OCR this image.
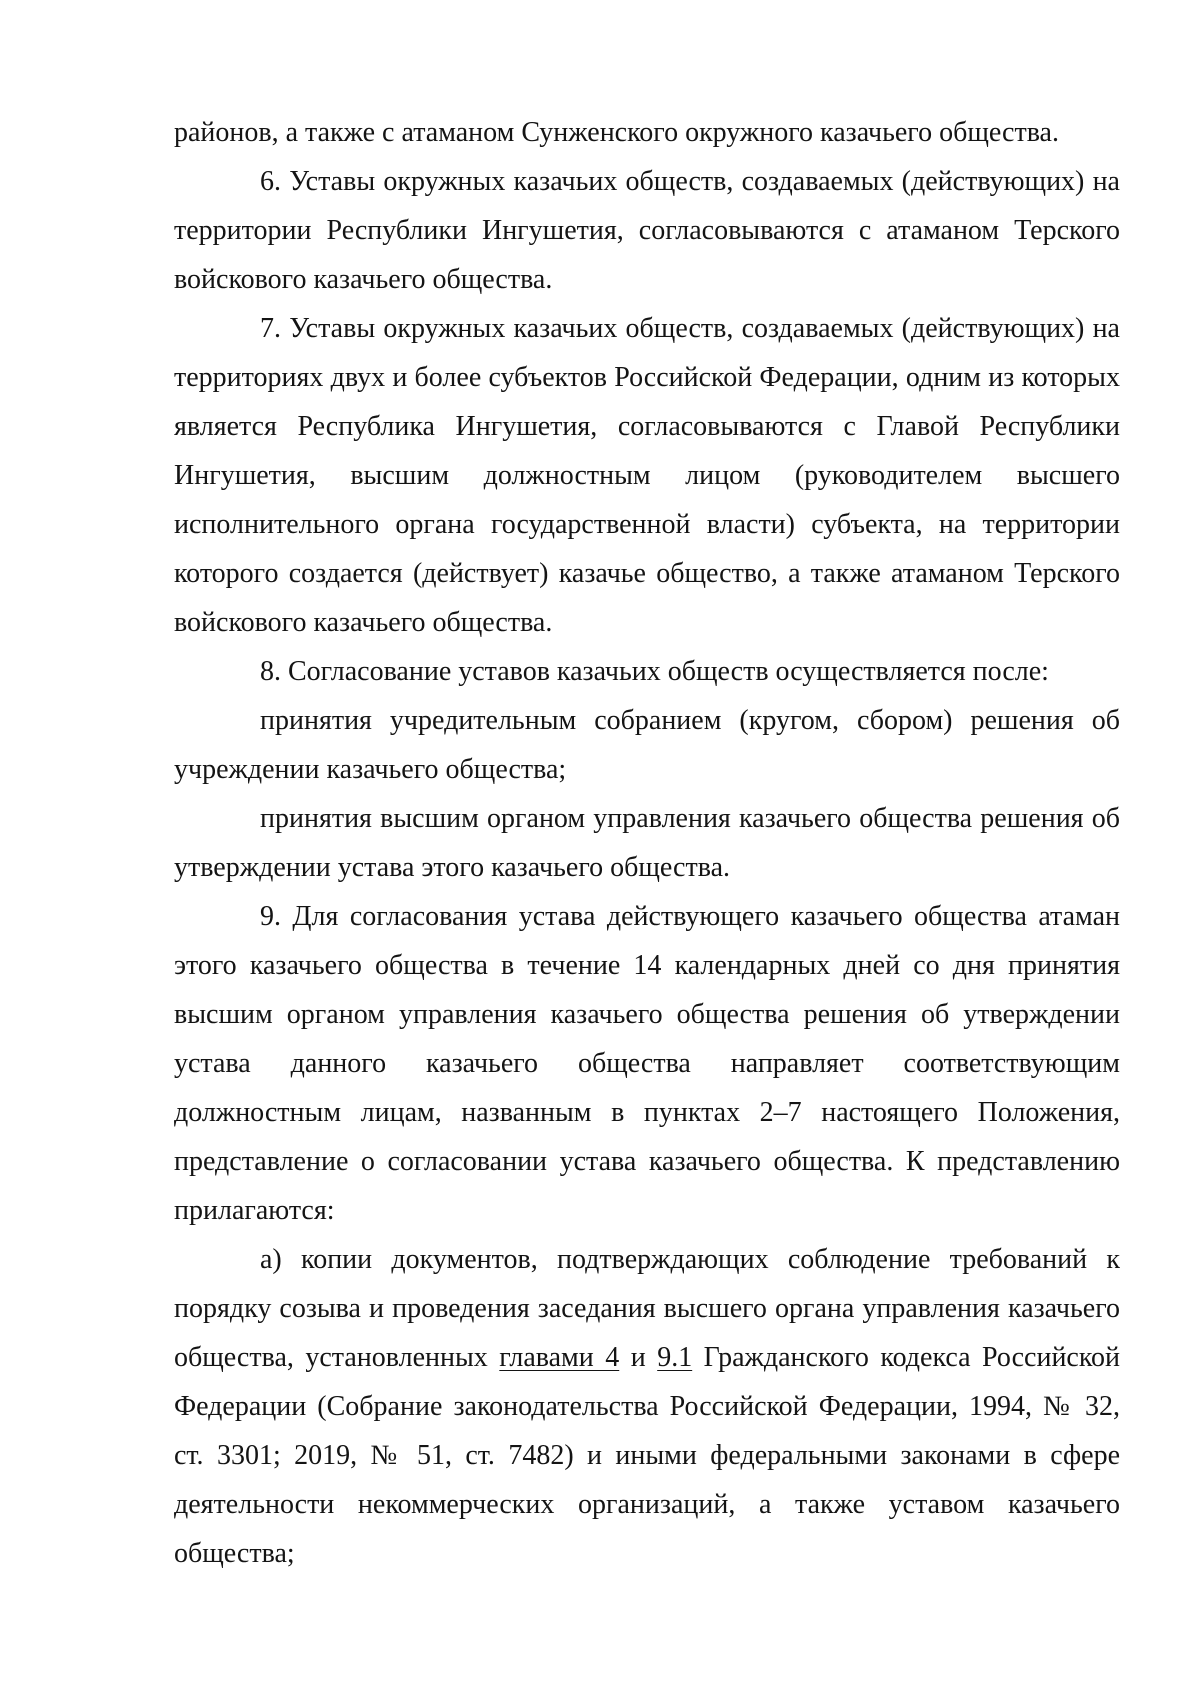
районов, а также с атаманом Сунженского окружного казачьего общества.

6. Уставы окружных казачьих обществ, создаваемых (действующих) на территории Республики Ингушетия, согласовываются с атаманом Терского войскового казачьего общества.

7. Уставы окружных казачьих обществ, создаваемых (действующих) на территориях двух и более субъектов Российской Федерации, одним из которых является Республика Ингушетия, согласовываются с Главой Республики Ингушетия, высшим должностным лицом (руководителем высшего исполнительного органа государственной власти) субъекта, на территории которого создается (действует) казачье общество, а также атаманом Терского войскового казачьего общества.

8. Согласование уставов казачьих обществ осуществляется после:

принятия учредительным собранием (кругом, сбором) решения об учреждении казачьего общества;

принятия высшим органом управления казачьего общества решения об утверждении устава этого казачьего общества.

9. Для согласования устава действующего казачьего общества атаман этого казачьего общества в течение 14 календарных дней со дня принятия высшим органом управления казачьего общества решения об утверждении устава данного казачьего общества направляет соответствующим должностным лицам, названным в пунктах 2–7 настоящего Положения, представление о согласовании устава казачьего общества. К представлению прилагаются:

а) копии документов, подтверждающих соблюдение требований к порядку созыва и проведения заседания высшего органа управления казачьего общества, установленных главами 4 и 9.1 Гражданского кодекса Российской Федерации (Собрание законодательства Российской Федерации, 1994, № 32, ст. 3301; 2019, № 51, ст. 7482) и иными федеральными законами в сфере деятельности некоммерческих организаций, а также уставом казачьего общества;
